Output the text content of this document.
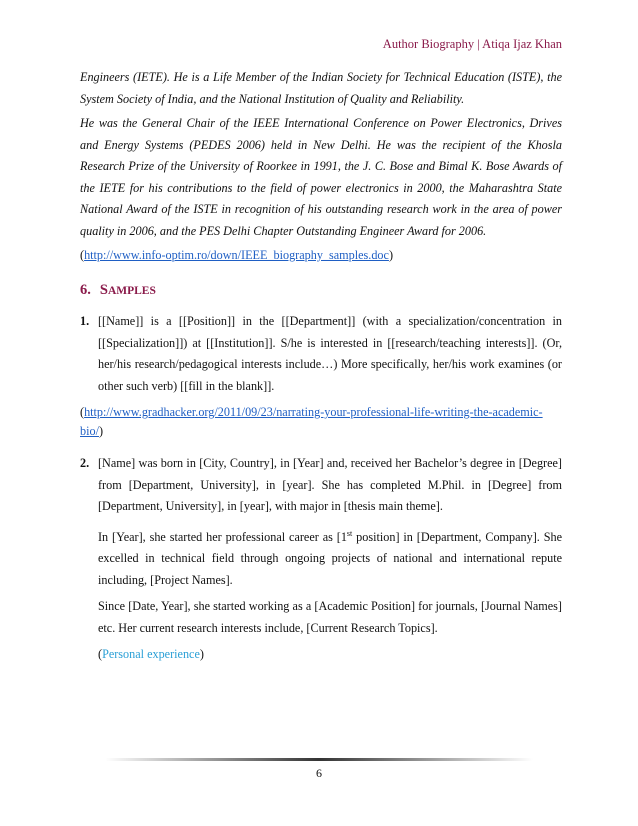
Author Biography | Atiqa Ijaz Khan

Engineers (IETE). He is a Life Member of the Indian Society for Technical Education (ISTE), the System Society of India, and the National Institution of Quality and Reliability.

He was the General Chair of the IEEE International Conference on Power Electronics, Drives and Energy Systems (PEDES 2006) held in New Delhi. He was the recipient of the Khosla Research Prize of the University of Roorkee in 1991, the J. C. Bose and Bimal K. Bose Awards of the IETE for his contributions to the field of power electronics in 2000, the Maharashtra State National Award of the ISTE in recognition of his outstanding research work in the area of power quality in 2006, and the PES Delhi Chapter Outstanding Engineer Award for 2006.

(http://www.info-optim.ro/down/IEEE_biography_samples.doc)

6. SAMPLES
1. [[Name]] is a [[Position]] in the [[Department]] (with a specialization/concentration in [[Specialization]]) at [[Institution]]. S/he is interested in [[research/teaching interests]]. (Or, her/his research/pedagogical interests include…) More specifically, her/his work examines (or other such verb) [[fill in the blank]].

(http://www.gradhacker.org/2011/09/23/narrating-your-professional-life-writing-the-academic-bio/)

2. [Name] was born in [City, Country], in [Year] and, received her Bachelor’s degree in [Degree] from [Department, University], in [year]. She has completed M.Phil. in [Degree] from [Department, University], in [year], with major in [thesis main theme].

In [Year], she started her professional career as [1st position] in [Department, Company]. She excelled in technical field through ongoing projects of national and international repute including, [Project Names].

Since [Date, Year], she started working as a [Academic Position] for journals, [Journal Names] etc. Her current research interests include, [Current Research Topics].

(Personal experience)

6
